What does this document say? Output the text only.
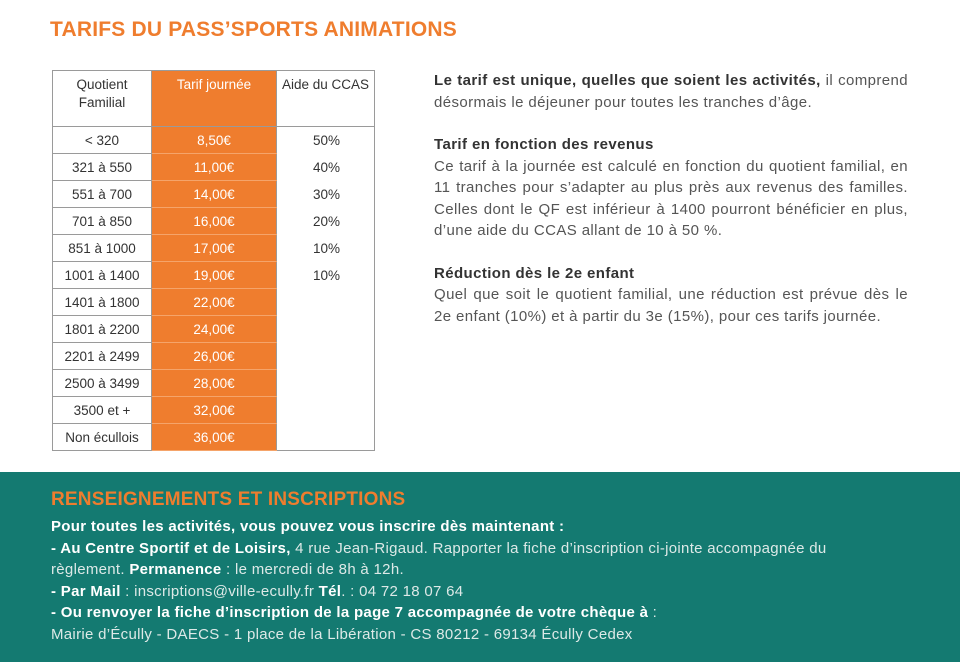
TARIFS DU PASS’SPORTS ANIMATIONS
Quotient Familial	Tarif journée	Aide du CCAS
< 320	8,50€	50%
321 à 550	11,00€	40%
551 à 700	14,00€	30%
701 à 850	16,00€	20%
851 à 1000	17,00€	10%
1001 à 1400	19,00€	10%
1401 à 1800	22,00€	
1801 à 2200	24,00€	
2201 à 2499	26,00€	
2500 à 3499	28,00€	
3500 et +	32,00€	
Non écullois	36,00€	

Le tarif est unique, quelles que soient les activités, il comprend désormais le déjeuner pour toutes les tranches d’âge.

Tarif en fonction des revenus
Ce tarif à la journée est calculé en fonction du quotient familial, en 11 tranches pour s’adapter au plus près aux revenus des familles. Celles dont le QF est inférieur à 1400 pourront bénéficier en plus, d’une aide du CCAS allant de 10 à 50 %.

Réduction dès le 2e enfant
Quel que soit le quotient familial, une réduction est prévue dès le 2e enfant (10%) et à partir du 3e (15%), pour ces tarifs journée.

RENSEIGNEMENTS ET INSCRIPTIONS
Pour toutes les activités, vous pouvez vous inscrire dès maintenant :
- Au Centre Sportif et de Loisirs, 4 rue Jean-Rigaud. Rapporter la fiche d’inscription ci-jointe accompagnée du
règlement. Permanence : le mercredi de 8h à 12h.
- Par Mail : inscriptions@ville-ecully.fr Tél. : 04 72 18 07 64
- Ou renvoyer la fiche d’inscription de la page 7 accompagnée de votre chèque à :
Mairie d’Écully - DAECS - 1 place de la Libération - CS 80212 - 69134 Écully Cedex
